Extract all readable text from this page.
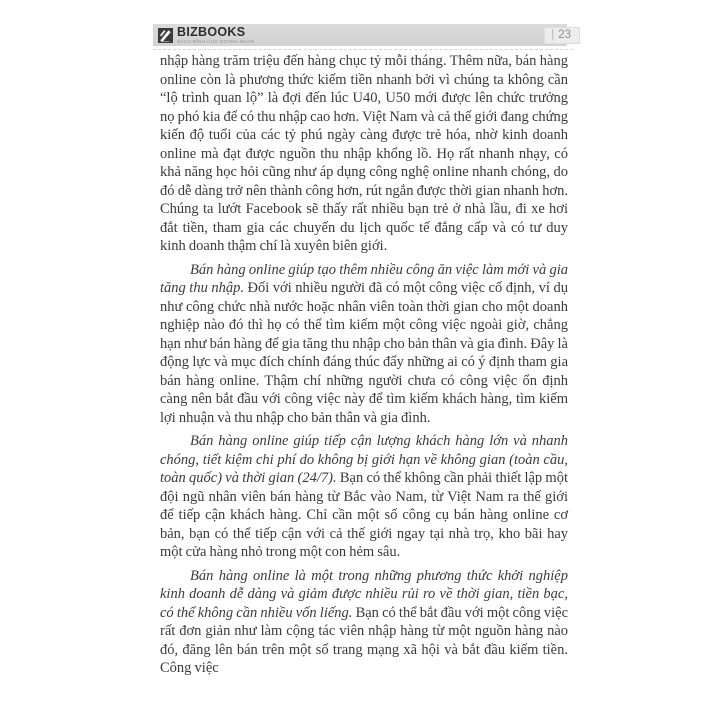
BIZBOOKS
SÁCH ĐỈNH CHO DOANH NHÂN
| 23

nhập hàng trăm triệu đến hàng chục tỷ mỗi tháng. Thêm nữa, bán hàng online còn là phương thức kiếm tiền nhanh bởi vì chúng ta không cần “lộ trình quan lộ” là đợi đến lúc U40, U50 mới được lên chức trưởng nọ phó kia để có thu nhập cao hơn. Việt Nam và cả thế giới đang chứng kiến độ tuổi của các tỷ phú ngày càng được trẻ hóa, nhờ kinh doanh online mà đạt được nguồn thu nhập khổng lồ. Họ rất nhanh nhạy, có khả năng học hỏi cũng như áp dụng công nghệ online nhanh chóng, do đó dễ dàng trở nên thành công hơn, rút ngắn được thời gian nhanh hơn. Chúng ta lướt Facebook sẽ thấy rất nhiều bạn trẻ ở nhà lầu, đi xe hơi đắt tiền, tham gia các chuyến du lịch quốc tế đẳng cấp và có tư duy kinh doanh thậm chí là xuyên biên giới.

Bán hàng online giúp tạo thêm nhiều công ăn việc làm mới và gia tăng thu nhập. Đối với nhiều người đã có một công việc cố định, ví dụ như công chức nhà nước hoặc nhân viên toàn thời gian cho một doanh nghiệp nào đó thì họ có thể tìm kiếm một công việc ngoài giờ, chẳng hạn như bán hàng để gia tăng thu nhập cho bản thân và gia đình. Đây là động lực và mục đích chính đáng thúc đẩy những ai có ý định tham gia bán hàng online. Thậm chí những người chưa có công việc ổn định càng nên bắt đầu với công việc này để tìm kiếm khách hàng, tìm kiếm lợi nhuận và thu nhập cho bản thân và gia đình.

Bán hàng online giúp tiếp cận lượng khách hàng lớn và nhanh chóng, tiết kiệm chi phí do không bị giới hạn về không gian (toàn cầu, toàn quốc) và thời gian (24/7). Bạn có thể không cần phải thiết lập một đội ngũ nhân viên bán hàng từ Bắc vào Nam, từ Việt Nam ra thế giới để tiếp cận khách hàng. Chỉ cần một số công cụ bán hàng online cơ bản, bạn có thể tiếp cận với cả thế giới ngay tại nhà trọ, kho bãi hay một cửa hàng nhỏ trong một con hẻm sâu.

Bán hàng online là một trong những phương thức khởi nghiệp kinh doanh dễ dàng và giảm được nhiều rủi ro về thời gian, tiền bạc, có thể không cần nhiều vốn liếng. Bạn có thể bắt đầu với một công việc rất đơn giản như làm cộng tác viên nhập hàng từ một nguồn hàng nào đó, đăng lên bán trên một số trang mạng xã hội và bắt đầu kiếm tiền. Công việc
